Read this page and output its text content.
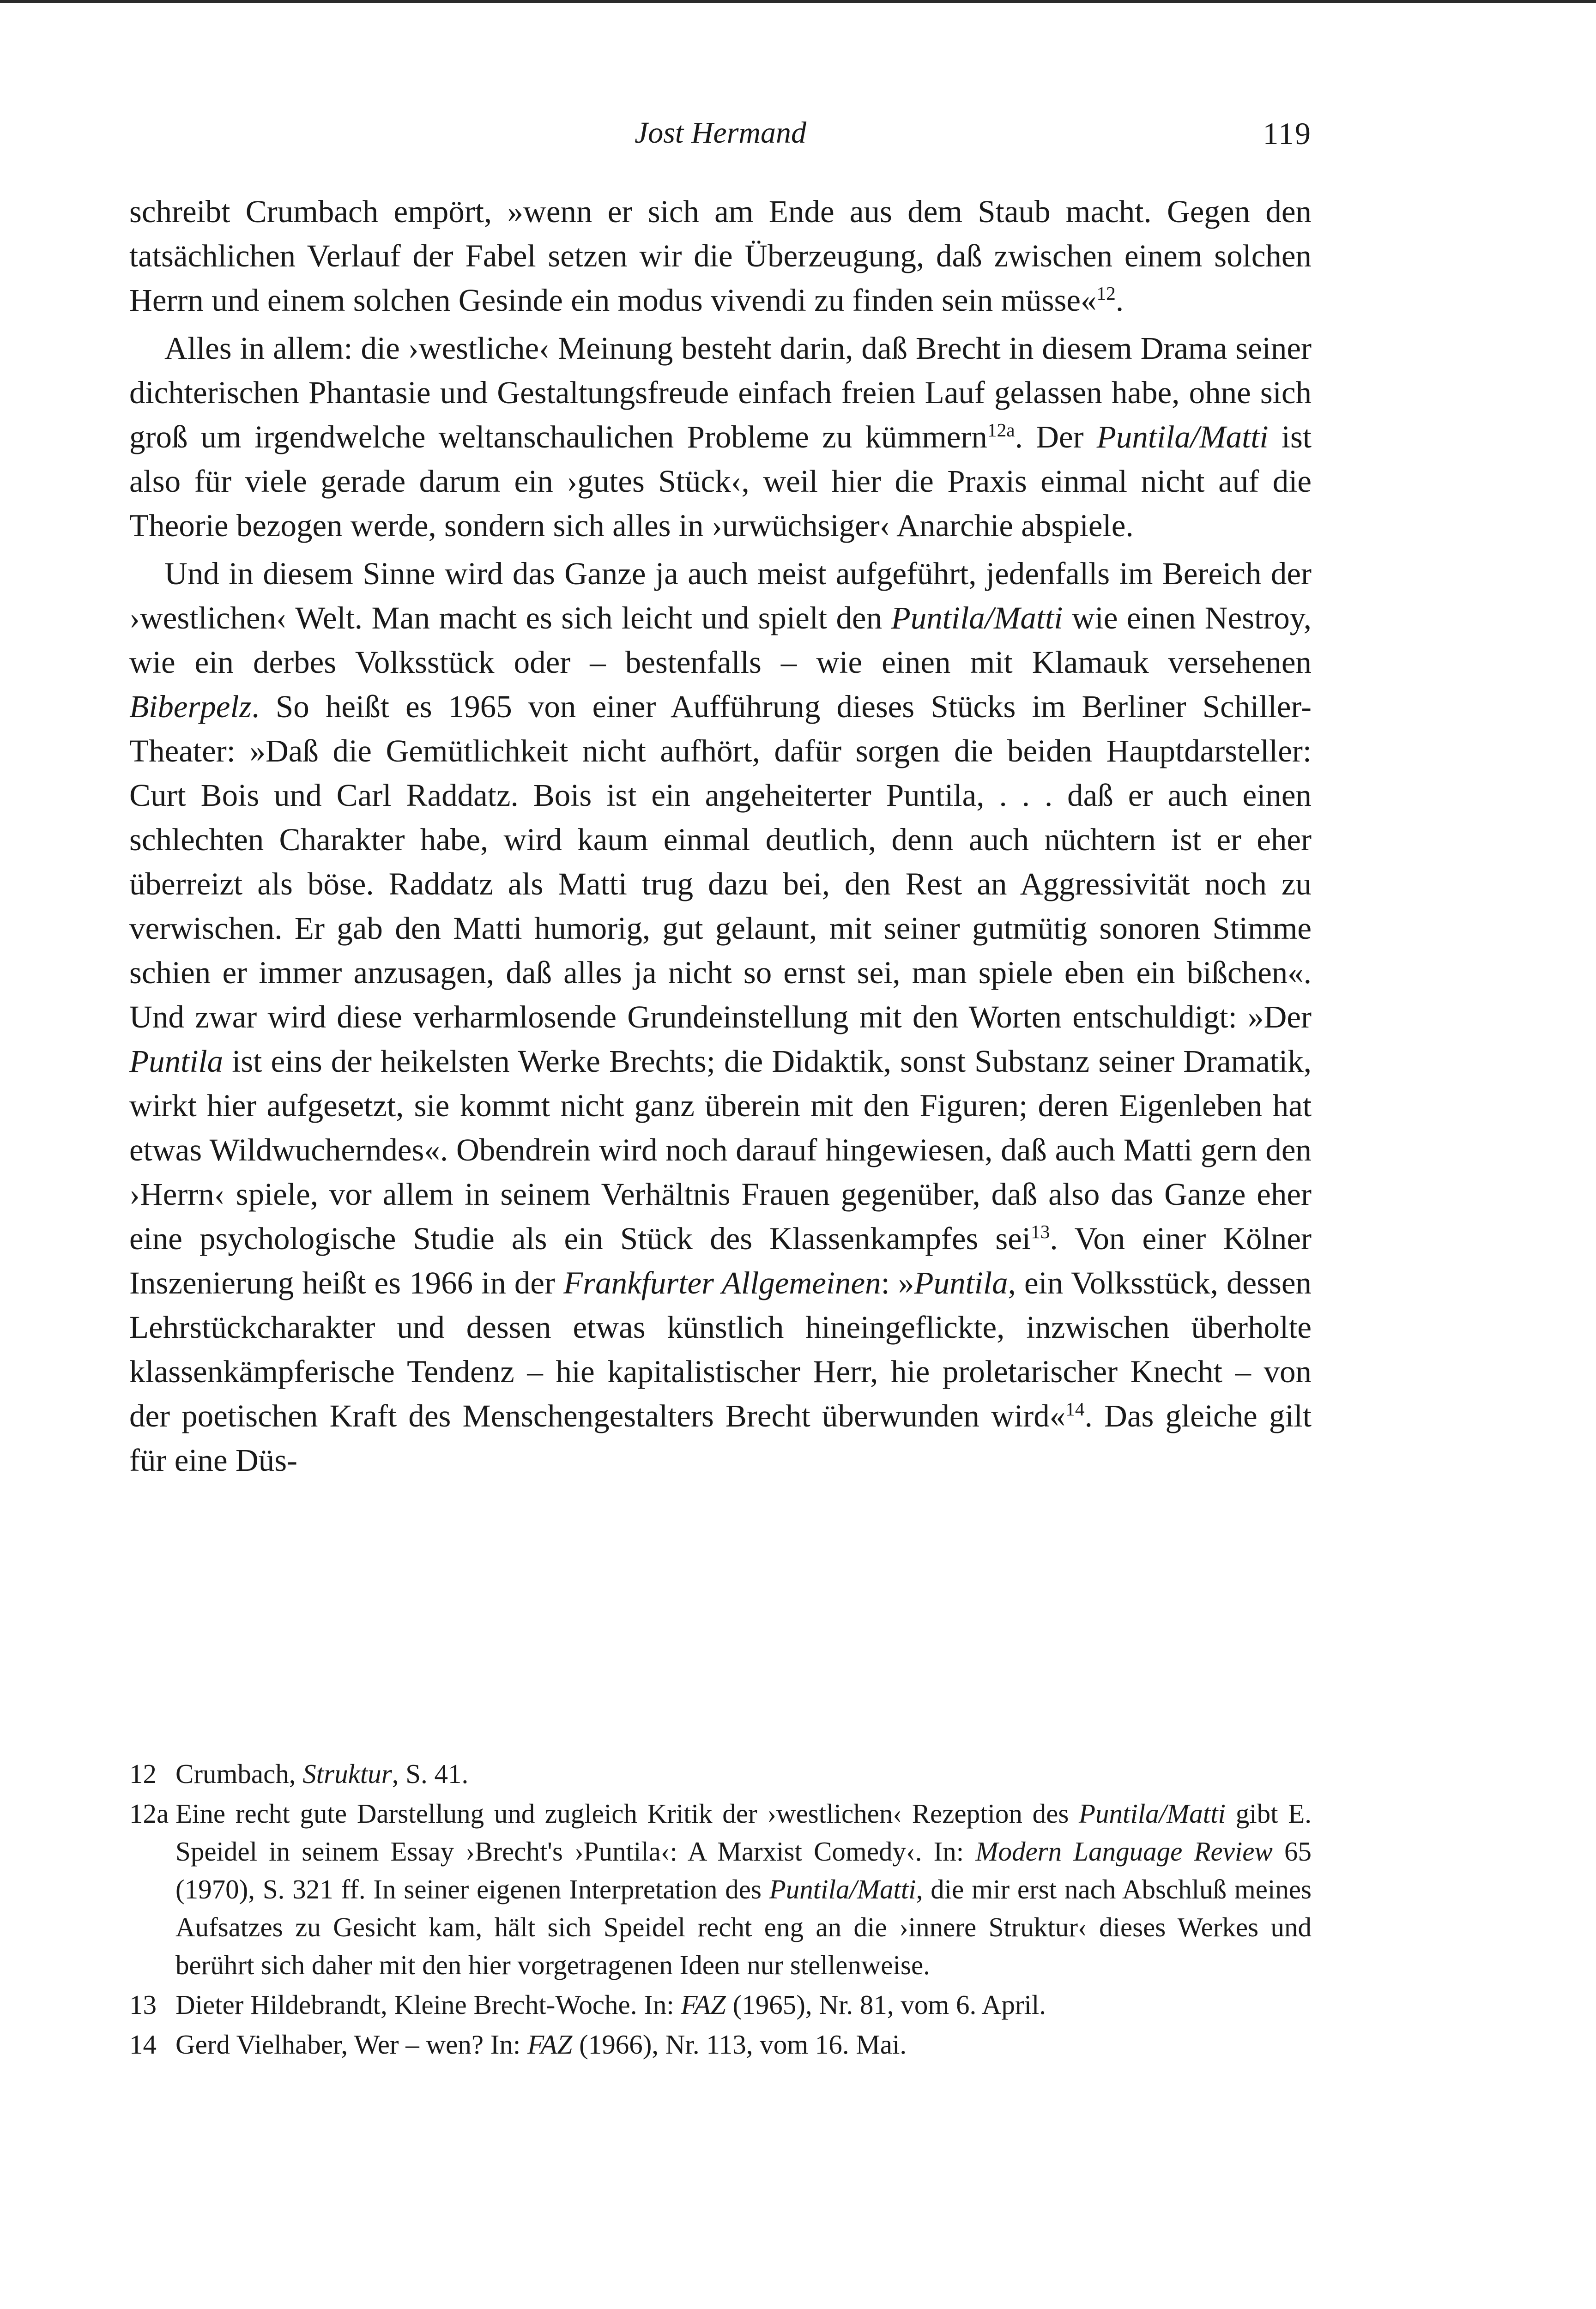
Jost Hermand	119

schreibt Crumbach empört, »wenn er sich am Ende aus dem Staub macht. Gegen den tatsächlichen Verlauf der Fabel setzen wir die Überzeugung, daß zwischen einem solchen Herrn und einem solchen Gesinde ein modus vivendi zu finden sein müsse«$^{12}$.

Alles in allem: die ›westliche‹ Meinung besteht darin, daß Brecht in diesem Drama seiner dichterischen Phantasie und Gestaltungsfreude einfach freien Lauf gelassen habe, ohne sich groß um irgendwelche weltanschaulichen Probleme zu kümmern$^{12a}$. Der Puntila/Matti ist also für viele gerade darum ein ›gutes Stück‹, weil hier die Praxis einmal nicht auf die Theorie bezogen werde, sondern sich alles in ›urwüchsiger‹ Anarchie abspiele.

Und in diesem Sinne wird das Ganze ja auch meist aufgeführt, jedenfalls im Bereich der ›westlichen‹ Welt. Man macht es sich leicht und spielt den Puntila/Matti wie einen Nestroy, wie ein derbes Volksstück oder – bestenfalls – wie einen mit Klamauk versehenen Biberpelz. So heißt es 1965 von einer Aufführung dieses Stücks im Berliner Schiller-Theater: »Daß die Gemütlichkeit nicht aufhört, dafür sorgen die beiden Hauptdarsteller: Curt Bois und Carl Raddatz. Bois ist ein angeheiterter Puntila, . . . daß er auch einen schlechten Charakter habe, wird kaum einmal deutlich, denn auch nüchtern ist er eher überreizt als böse. Raddatz als Matti trug dazu bei, den Rest an Aggressivität noch zu verwischen. Er gab den Matti humorig, gut gelaunt, mit seiner gutmütig sonoren Stimme schien er immer anzusagen, daß alles ja nicht so ernst sei, man spiele eben ein bißchen«. Und zwar wird diese verharmlosende Grundeinstellung mit den Worten entschuldigt: »Der Puntila ist eins der heikelsten Werke Brechts; die Didaktik, sonst Substanz seiner Dramatik, wirkt hier aufgesetzt, sie kommt nicht ganz überein mit den Figuren; deren Eigenleben hat etwas Wildwucherndes«. Obendrein wird noch darauf hingewiesen, daß auch Matti gern den ›Herrn‹ spiele, vor allem in seinem Verhältnis Frauen gegenüber, daß also das Ganze eher eine psychologische Studie als ein Stück des Klassenkampfes sei$^{13}$. Von einer Kölner Inszenierung heißt es 1966 in der Frankfurter Allgemeinen: »Puntila, ein Volksstück, dessen Lehrstückcharakter und dessen etwas künstlich hineingeflickte, inzwischen überholte klassenkämpferische Tendenz – hie kapitalistischer Herr, hie proletarischer Knecht – von der poetischen Kraft des Menschengestalters Brecht überwunden wird«$^{14}$. Das gleiche gilt für eine Düs-

12 Crumbach, Struktur, S. 41.
12a Eine recht gute Darstellung und zugleich Kritik der ›westlichen‹ Rezeption des Puntila/Matti gibt E. Speidel in seinem Essay ›Brecht's ›Puntila‹: A Marxist Comedy‹. In: Modern Language Review 65 (1970), S. 321 ff. In seiner eigenen Interpretation des Puntila/Matti, die mir erst nach Abschluß meines Aufsatzes zu Gesicht kam, hält sich Speidel recht eng an die ›innere Struktur‹ dieses Werkes und berührt sich daher mit den hier vorgetragenen Ideen nur stellenweise.
13 Dieter Hildebrandt, Kleine Brecht-Woche. In: FAZ (1965), Nr. 81, vom 6. April.
14 Gerd Vielhaber, Wer – wen? In: FAZ (1966), Nr. 113, vom 16. Mai.
